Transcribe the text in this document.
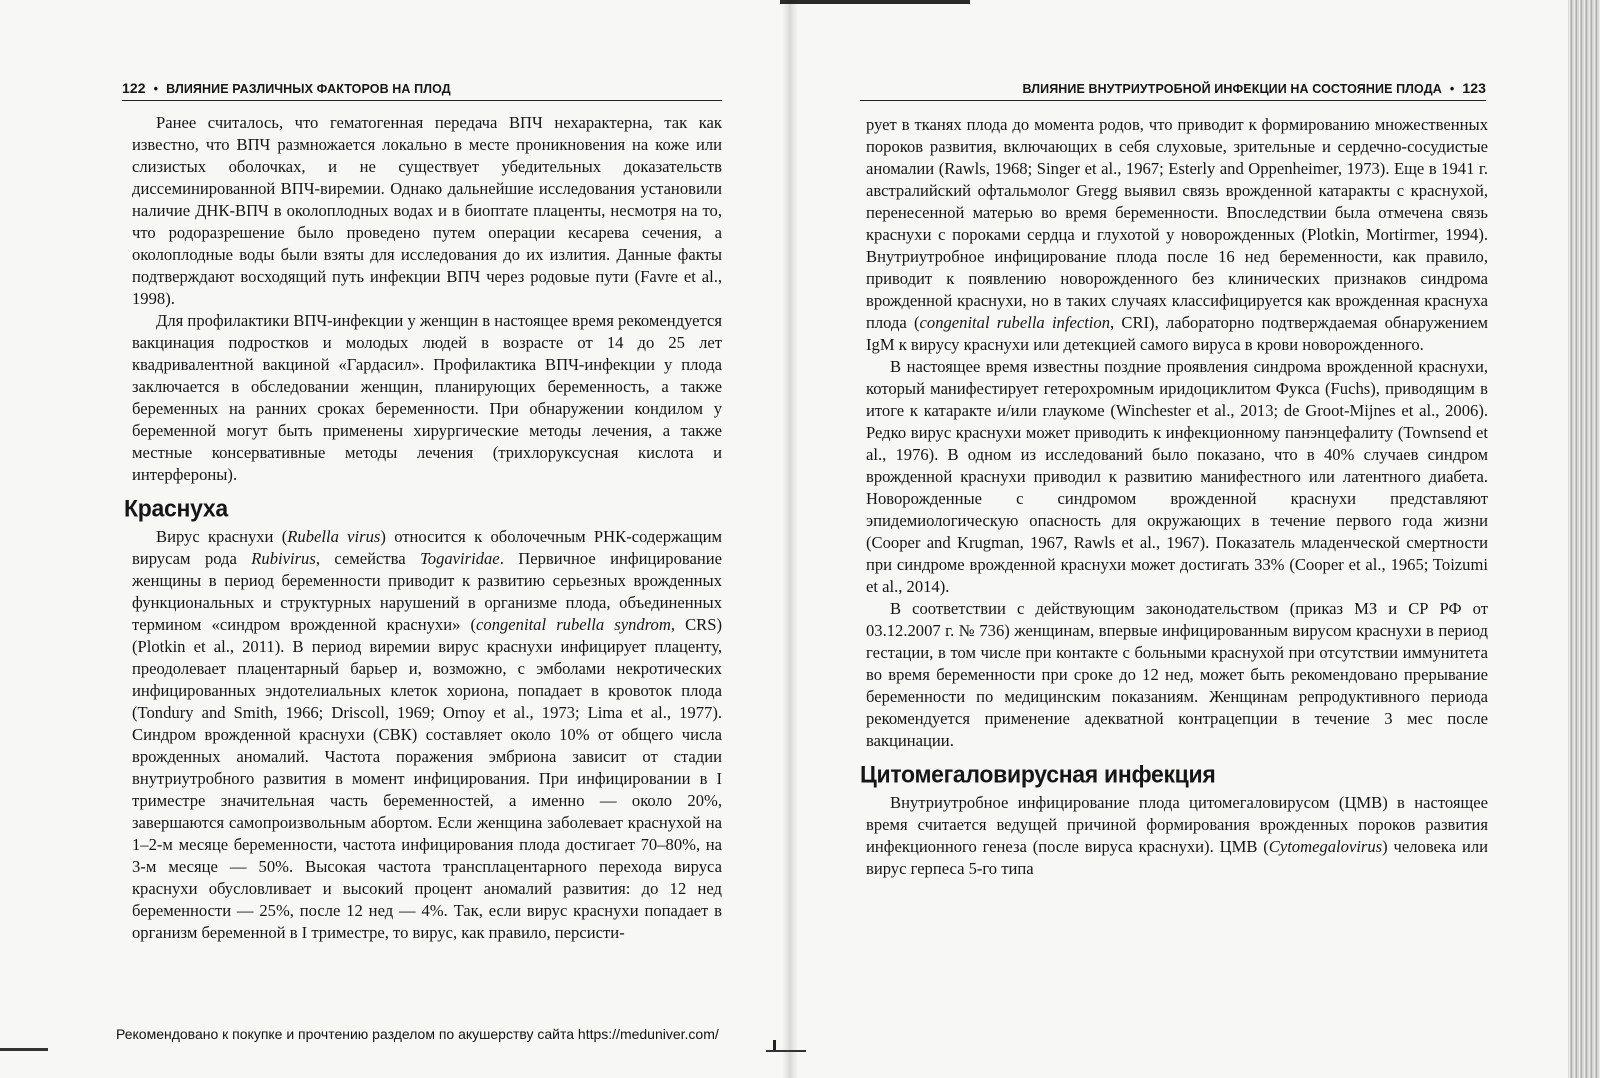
122 • ВЛИЯНИЕ РАЗЛИЧНЫХ ФАКТОРОВ НА ПЛОД

Ранее считалось, что гематогенная передача ВПЧ нехарактерна, так как известно, что ВПЧ размножается локально в месте проникновения на коже или слизистых оболочках, и не существует убедительных доказательств диссеминированной ВПЧ-виремии. Однако дальнейшие исследования установили наличие ДНК-ВПЧ в околоплодных водах и в биоптате плаценты, несмотря на то, что родоразрешение было проведено путем операции кесарева сечения, а околоплодные воды были взяты для исследования до их излития. Данные факты подтверждают восходящий путь инфекции ВПЧ через родовые пути (Favre et al., 1998).

Для профилактики ВПЧ-инфекции у женщин в настоящее время рекомендуется вакцинация подростков и молодых людей в возрасте от 14 до 25 лет квадривалентной вакциной «Гардасил». Профилактика ВПЧ-инфекции у плода заключается в обследовании женщин, планирующих беременность, а также беременных на ранних сроках беременности. При обнаружении кондилом у беременной могут быть применены хирургические методы лечения, а также местные консервативные методы лечения (трихлоруксусная кислота и интерфероны).

Краснуха

Вирус краснухи (Rubella virus) относится к оболочечным РНК-содержащим вирусам рода Rubivirus, семейства Togaviridae. Первичное инфицирование женщины в период беременности приводит к развитию серьезных врожденных функциональных и структурных нарушений в организме плода, объединенных термином «синдром врожденной краснухи» (congenital rubella syndrom, CRS) (Plotkin et al., 2011). В период виремии вирус краснухи инфицирует плаценту, преодолевает плацентарный барьер и, возможно, с эмболами некротических инфицированных эндотелиальных клеток хориона, попадает в кровоток плода (Tondury and Smith, 1966; Driscoll, 1969; Ornoy et al., 1973; Lima et al., 1977). Синдром врожденной краснухи (СВК) составляет около 10% от общего числа врожденных аномалий. Частота поражения эмбриона зависит от стадии внутриутробного развития в момент инфицирования. При инфицировании в I триместре значительная часть беременностей, а именно — около 20%, завершаются самопроизвольным абортом. Если женщина заболевает краснухой на 1–2-м месяце беременности, частота инфицирования плода достигает 70–80%, на 3-м месяце — 50%. Высокая частота трансплацентарного перехода вируса краснухи обусловливает и высокий процент аномалий развития: до 12 нед беременности — 25%, после 12 нед — 4%. Так, если вирус краснухи попадает в организм беременной в I триместре, то вирус, как правило, персисти-

ВЛИЯНИЕ ВНУТРИУТРОБНОЙ ИНФЕКЦИИ НА СОСТОЯНИЕ ПЛОДА • 123

рует в тканях плода до момента родов, что приводит к формированию множественных пороков развития, включающих в себя слуховые, зрительные и сердечно-сосудистые аномалии (Rawls, 1968; Singer et al., 1967; Esterly and Oppenheimer, 1973). Еще в 1941 г. австралийский офтальмолог Gregg выявил связь врожденной катаракты с краснухой, перенесенной матерью во время беременности. Впоследствии была отмечена связь краснухи с пороками сердца и глухотой у новорожденных (Plotkin, Mortirmer, 1994). Внутриутробное инфицирование плода после 16 нед беременности, как правило, приводит к появлению новорожденного без клинических признаков синдрома врожденной краснухи, но в таких случаях классифицируется как врожденная краснуха плода (congenital rubella infection, CRI), лабораторно подтверждаемая обнаружением IgM к вирусу краснухи или детекцией самого вируса в крови новорожденного.

В настоящее время известны поздние проявления синдрома врожденной краснухи, который манифестирует гетерохромным иридоциклитом Фукса (Fuchs), приводящим в итоге к катаракте и/или глаукоме (Winchester et al., 2013; de Groot-Mijnes et al., 2006). Редко вирус краснухи может приводить к инфекционному панэнцефалиту (Townsend et al., 1976). В одном из исследований было показано, что в 40% случаев синдром врожденной краснухи приводил к развитию манифестного или латентного диабета. Новорожденные с синдромом врожденной краснухи представляют эпидемиологическую опасность для окружающих в течение первого года жизни (Cooper and Krugman, 1967, Rawls et al., 1967). Показатель младенческой смертности при синдроме врожденной краснухи может достигать 33% (Cooper et al., 1965; Toizumi et al., 2014).

В соответствии с действующим законодательством (приказ МЗ и СР РФ от 03.12.2007 г. № 736) женщинам, впервые инфицированным вирусом краснухи в период гестации, в том числе при контакте с больными краснухой при отсутствии иммунитета во время беременности при сроке до 12 нед, может быть рекомендовано прерывание беременности по медицинским показаниям. Женщинам репродуктивного периода рекомендуется применение адекватной контрацепции в течение 3 мес после вакцинации.

Цитомегаловирусная инфекция

Внутриутробное инфицирование плода цитомегаловирусом (ЦМВ) в настоящее время считается ведущей причиной формирования врожденных пороков развития инфекционного генеза (после вируса краснухи). ЦМВ (Cytomegalovirus) человека или вирус герпеса 5-го типа

Рекомендовано к покупке и прочтению разделом по акушерству сайта https://meduniver.com/
